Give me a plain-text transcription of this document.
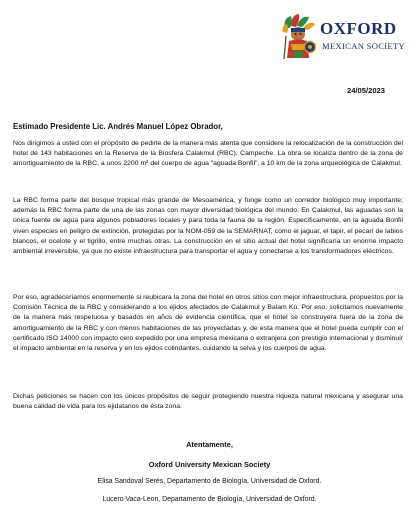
OXFORD
MEXICAN SOCIETY
24/05/2023
Estimado Presidente Lic. Andrés Manuel López Obrador,

Nos dirigimos a usted con el propósito de pedirle de la manera más atenta que considere la relocalización de la construcción del hotel de 143 habitaciones en la Reserva de la Biosfera Calakmul (RBC), Campeche. La obra se localiza dentro de la zona de amortiguamiento de la RBC, a unos 2200 m² del cuerpo de agua “aguada Bonfil”, a 10 km de la zona arqueológica de Calakmul.

La RBC forma parte del bosque tropical más grande de Mesoamérica, y funge como un corredor biológico muy importante; además la RBC forma parte de una de las zonas con mayor diversidad biológica del mundo. En Calakmul, las aguadas son la única fuente de agua para algunos pobladores locales y para toda la fauna de la región. Específicamente, en la aguada Bonfil viven especies en peligro de extinción, protegidas por la NOM-059 de la SEMARNAT, como el jaguar, el tapir, el pecarí de labios blancos, el ocelote y el tigrillo, entre muchas otras. La construcción en el sitio actual del hotel significaría un enorme impacto ambiental irreversible, ya que no existe infraestructura para transportar el agua y conectarse a los transformadores eléctricos.

Por eso, agradeceríamos enormemente si reubicara la zona del hotel en otros sitios con mejor infraestructura, propuestos por la Comisión Técnica de la RBC y considerando a los ejidos afectados de Calakmul y Balam Kú. Por eso, solicitamos nuevamente de la manera más respetuosa y basados en años de evidencia científica, que el hotel se construyera fuera de la zona de amortiguamiento de la RBC y con menos habitaciones de las proyectadas y, de esta manera que el hotel pueda cumplir con el certificado ISO 14000 con impacto cero expedido por una empresa mexicana o extranjera con prestigio internacional y disminuir el impacto ambiental en la reserva y en los ejidos colindantes, cuidando la selva y los cuerpos de agua.

Dichas peticiones se hacen con los únicos propósitos de seguir protegiendo nuestra riqueza natural mexicana y asegurar una buena calidad de vida para los ejidatarios de ésta zona.

Atentamente,
Oxford University Mexican Society
Elisa Sandoval Serés, Departamento de Biología, Universidad de Oxford.
Lucero Vaca-Leon, Departamento de Biología, Universidad de Oxford.
